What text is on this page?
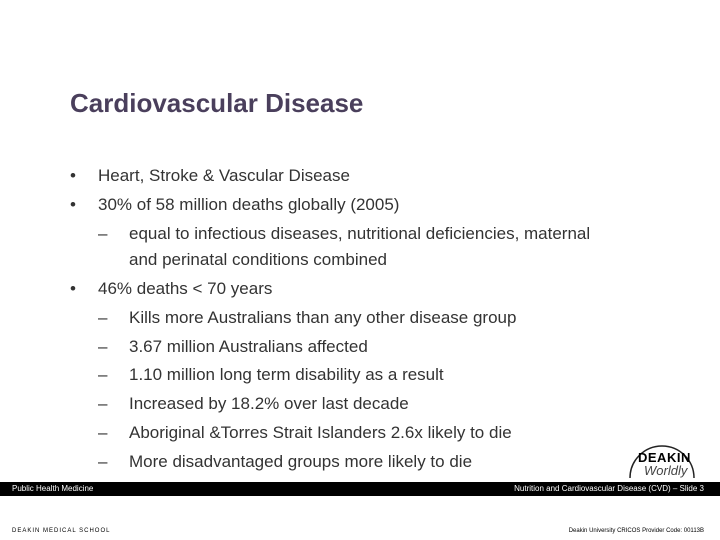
Cardiovascular Disease
• Heart, Stroke & Vascular Disease
• 30% of 58 million deaths globally (2005)
– equal to infectious diseases, nutritional deficiencies, maternal
and perinatal conditions combined
• 46% deaths < 70 years
– Kills more Australians than any other disease group
– 3.67 million Australians affected
– 1.10 million long term disability as a result
– Increased by 18.2% over last decade
– Aboriginal &Torres Strait Islanders 2.6x likely to die
– More disadvantaged groups more likely to die	DEAKIN
Worldly
Public Health Medicine	Nutrition and Cardiovascular Disease (CVD) – Slide 3
DEAKIN MEDICAL SCHOOL	Deakin University CRICOS Provider Code: 00113B
